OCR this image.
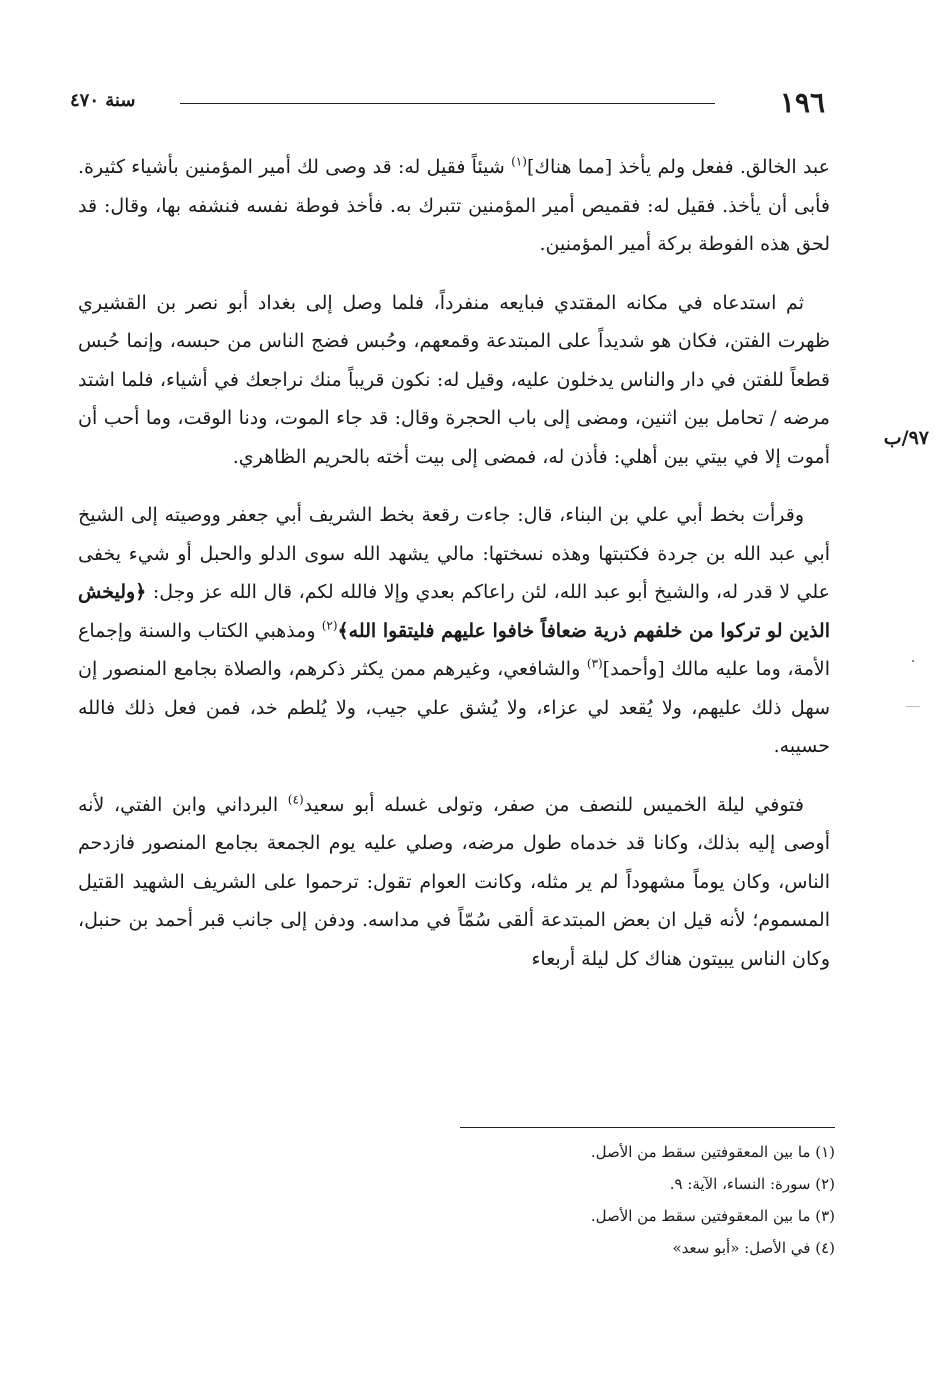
١٩٦
سنة ٤٧٠
٩٧/ب

عبد الخالق. ففعل ولم يأخذ [مما هناك]$^{(١)}$ شيئاً فقيل له: قد وصى لك أمير المؤمنين بأشياء كثيرة. فأبى أن يأخذ. فقيل له: فقميص أمير المؤمنين تتبرك به. فأخذ فوطة نفسه فنشفه بها، وقال: قد لحق هذه الفوطة بركة أمير المؤمنين.

ثم استدعاه في مكانه المقتدي فبايعه منفرداً، فلما وصل إلى بغداد أبو نصر بن القشيري ظهرت الفتن، فكان هو شديداً على المبتدعة وقمعهم، وحُبس فضج الناس من حبسه، وإنما حُبس قطعاً للفتن في دار والناس يدخلون عليه، وقيل له: نكون قريباً منك نراجعك في أشياء، فلما اشتد مرضه / تحامل بين اثنين، ومضى إلى باب الحجرة وقال: قد جاء الموت، ودنا الوقت، وما أحب أن أموت إلا في بيتي بين أهلي: فأذن له، فمضى إلى بيت أخته بالحريم الظاهري.

وقرأت بخط أبي علي بن البناء، قال: جاءت رقعة بخط الشريف أبي جعفر ووصيته إلى الشيخ أبي عبد الله بن جردة فكتبتها وهذه نسختها: مالي يشهد الله سوى الدلو والحبل أو شيء يخفى علي لا قدر له، والشيخ أبو عبد الله، لئن راعاكم بعدي وإلا فالله لكم، قال الله عز وجل: ﴿وليخش الذين لو تركوا من خلفهم ذرية ضعافاً خافوا عليهم فليتقوا الله﴾$^{(٢)}$ ومذهبي الكتاب والسنة وإجماع الأمة، وما عليه مالك [وأحمد]$^{(٣)}$ والشافعي، وغيرهم ممن يكثر ذكرهم، والصلاة بجامع المنصور إن سهل ذلك عليهم، ولا يُقعد لي عزاء، ولا يُشق علي جيب، ولا يُلطم خد، فمن فعل ذلك فالله حسيبه.

فتوفي ليلة الخميس للنصف من صفر، وتولى غسله أبو سعيد$^{(٤)}$ البرداني وابن الفتي، لأنه أوصى إليه بذلك، وكانا قد خدماه طول مرضه، وصلي عليه يوم الجمعة بجامع المنصور فازدحم الناس، وكان يوماً مشهوداً لم ير مثله، وكانت العوام تقول: ترحموا على الشريف الشهيد القتيل المسموم؛ لأنه قيل ان بعض المبتدعة ألقى سُمّاً في مداسه. ودفن إلى جانب قبر أحمد بن حنبل، وكان الناس يبيتون هناك كل ليلة أربعاء

(١) ما بين المعقوفتين سقط من الأصل.

(٢) سورة: النساء، الآية: ٩.

(٣) ما بين المعقوفتين سقط من الأصل.

(٤) في الأصل: «أبو سعد»
